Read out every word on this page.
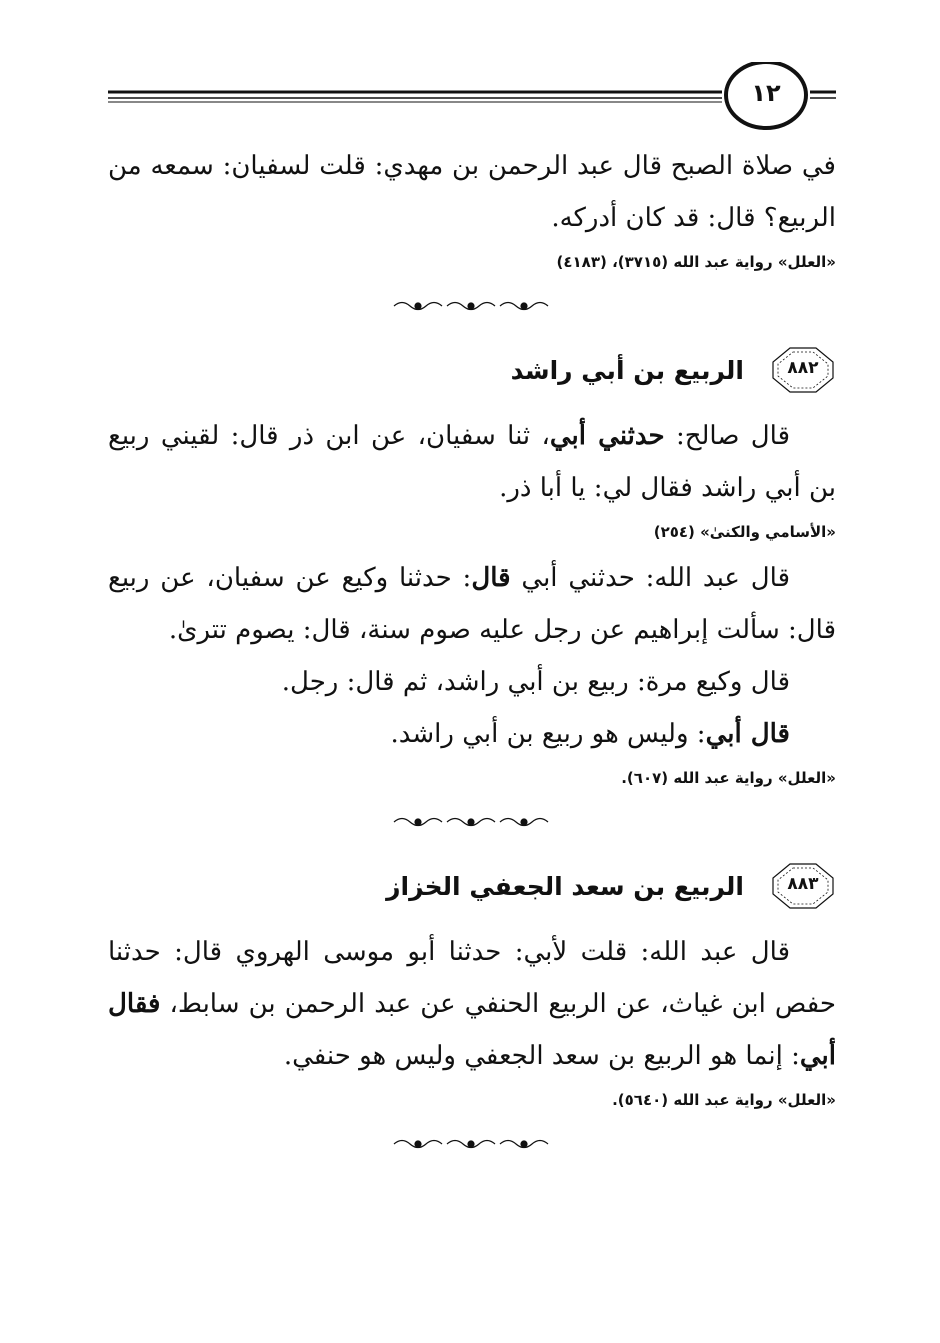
١٢

في صلاة الصبح قال عبد الرحمن بن مهدي: قلت لسفيان: سمعه من الربيع؟ قال: قد كان أدركه.

«العلل» رواية عبد الله (٣٧١٥)، (٤١٨٣)

٨٨٢
الربيع بن أبي راشد

قال صالح: حدثني أبي، ثنا سفيان، عن ابن ذر قال: لقيني ربيع بن أبي راشد فقال لي: يا أبا ذر.

«الأسامي والكنىٰ» (٢٥٤)

قال عبد الله: حدثني أبي قال: حدثنا وكيع عن سفيان، عن ربيع قال: سألت إبراهيم عن رجل عليه صوم سنة، قال: يصوم تترىٰ.

قال وكيع مرة: ربيع بن أبي راشد، ثم قال: رجل.

قال أبي: وليس هو ربيع بن أبي راشد.

«العلل» رواية عبد الله (٦٠٧).

٨٨٣
الربيع بن سعد الجعفي الخزاز

قال عبد الله: قلت لأبي: حدثنا أبو موسى الهروي قال: حدثنا حفص ابن غياث، عن الربيع الحنفي عن عبد الرحمن بن سابط، فقال أبي: إنما هو الربيع بن سعد الجعفي وليس هو حنفي.

«العلل» رواية عبد الله (٥٦٤٠).
